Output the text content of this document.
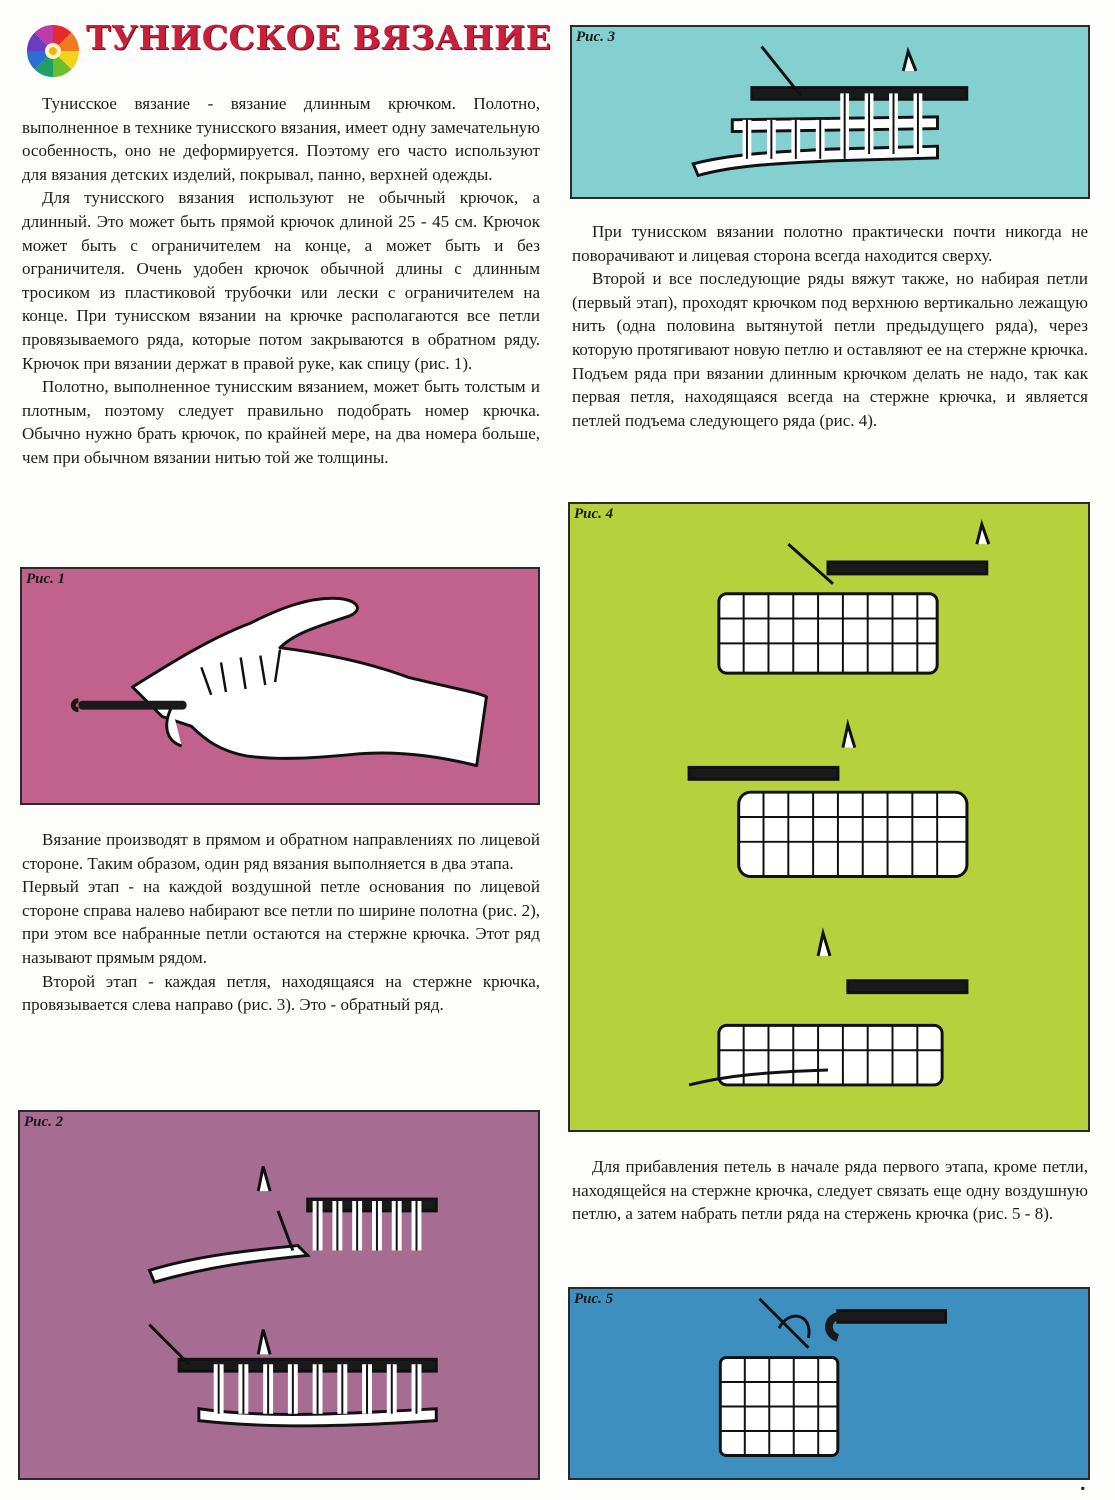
ТУНИССКОЕ ВЯЗАНИЕ

Тунисское вязание - вязание длинным крючком. Полотно, выполненное в технике тунисского вязания, имеет одну замечательную особенность, оно не деформируется. Поэтому его часто используют для вязания детских изделий, покрывал, панно, верхней одежды.

Для тунисского вязания используют не обычный крючок, а длинный. Это может быть прямой крючок длиной 25 - 45 см. Крючок может быть с ограничителем на конце, а может быть и без ограничителя. Очень удобен крючок обычной длины с длинным тросиком из пластиковой трубочки или лески с ограничителем на конце. При тунисском вязании на крючке располагаются все петли провязываемого ряда, которые потом закрываются в обратном ряду. Крючок при вязании держат в правой руке, как спицу (рис. 1).

Полотно, выполненное тунисским вязанием, может быть толстым и плотным, поэтому следует правильно подобрать номер крючка. Обычно нужно брать крючок, по крайней мере, на два номера больше, чем при обычном вязании нитью той же толщины.

Рис. 1

Вязание производят в прямом и обратном направлениях по лицевой стороне. Таким образом, один ряд вязания выполняется в два этапа.

Первый этап - на каждой воздушной петле основания по лицевой стороне справа налево набирают все петли по ширине полотна (рис. 2), при этом все набранные петли остаются на стержне крючка. Этот ряд называют прямым рядом.

Второй этап - каждая петля, находящаяся на стержне крючка, провязывается слева направо (рис. 3). Это - обратный ряд.

Рис. 2
Рис. 3

При тунисском вязании полотно практически почти никогда не поворачивают и лицевая сторона всегда находится сверху.

Второй и все последующие ряды вяжут также, но набирая петли (первый этап), проходят крючком под верхнюю вертикально лежащую нить (одна половина вытянутой петли предыдущего ряда), через которую протягивают новую петлю и оставляют ее на стержне крючка. Подъем ряда при вязании длинным крючком делать не надо, так как первая петля, находящаяся всегда на стержне крючка, и является петлей подъема следующего ряда (рис. 4).

Рис. 4

Для прибавления петель в начале ряда первого этапа, кроме петли, находящейся на стержне крючка, следует связать еще одну воздушную петлю, а затем набрать петли ряда на стержень крючка (рис. 5 - 8).

Рис. 5
▪
